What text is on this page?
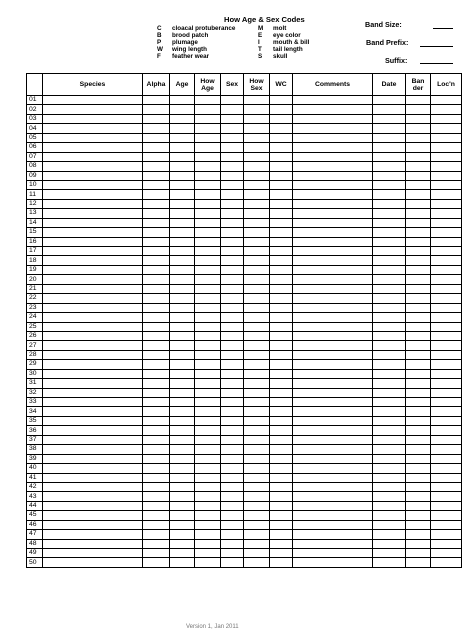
How Age & Sex Codes
C	cloacal protuberance
B	brood patch
P	plumage
W	wing length
F	feather wear
M	molt
E	eye color
I	mouth & bill
T	tail length
S	skull
Band Size:
Band Prefix:
Suffix:
	Species	Alpha	Age	How Age	Sex	How Sex	WC	Comments	Date	Ban der	Loc'n
01											
02											
03											
04											
05											
06											
07											
08											
09											
10											
11											
12											
13											
14											
15											
16											
17											
18											
19											
20											
21											
22											
23											
24											
25											
26											
27											
28											
29											
30											
31											
32											
33											
34											
35											
36											
37											
38											
39											
40											
41											
42											
43											
44											
45											
46											
47											
48											
49											
50											
Version 1, Jan 2011
